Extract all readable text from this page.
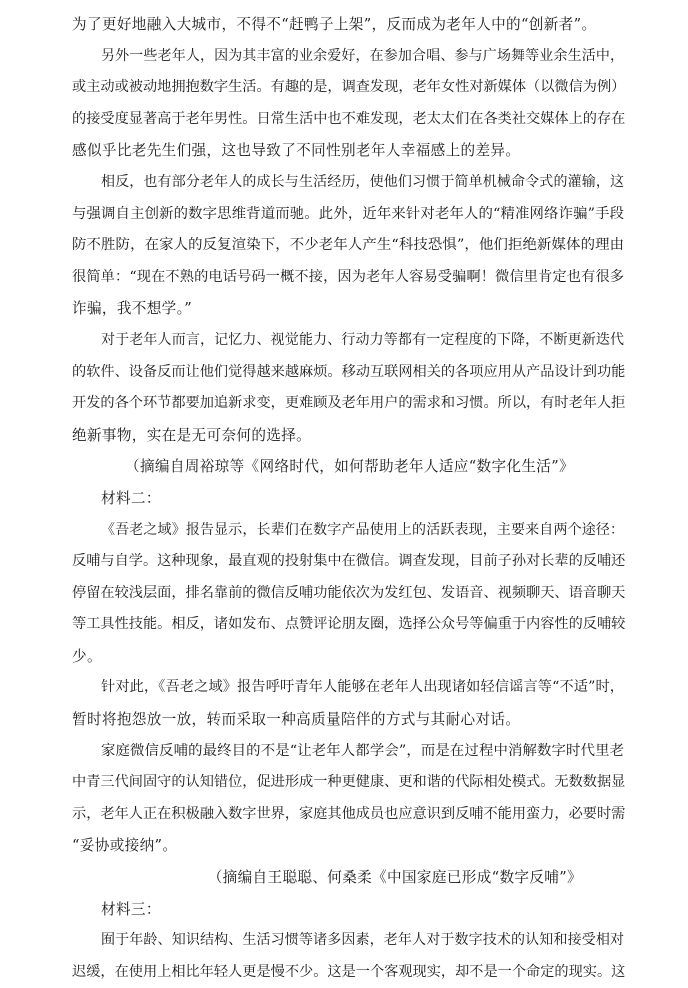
为了更好地融入大城市，不得不“赶鸭子上架”，反而成为老年人中的“创新者”。
另外一些老年人，因为其丰富的业余爱好，在参加合唱、参与广场舞等业余生活中，
或主动或被动地拥抱数字生活。有趣的是，调查发现，老年女性对新媒体（以微信为例）
的接受度显著高于老年男性。日常生活中也不难发现，老太太们在各类社交媒体上的存在
感似乎比老先生们强，这也导致了不同性别老年人幸福感上的差异。
相反，也有部分老年人的成长与生活经历，使他们习惯于简单机械命令式的灌输，这
与强调自主创新的数字思维背道而驰。此外，近年来针对老年人的“精准网络诈骗”手段
防不胜防，在家人的反复渲染下，不少老年人产生“科技恐惧”，他们拒绝新媒体的理由
很简单：“现在不熟的电话号码一概不接，因为老年人容易受骗啊！微信里肯定也有很多
诈骗，我不想学。”
对于老年人而言，记忆力、视觉能力、行动力等都有一定程度的下降，不断更新迭代
的软件、设备反而让他们觉得越来越麻烦。移动互联网相关的各项应用从产品设计到功能
开发的各个环节都要加追新求变，更难顾及老年用户的需求和习惯。所以，有时老年人拒
绝新事物，实在是无可奈何的选择。
（摘编自周裕琼等《网络时代，如何帮助老年人适应“数字化生活”》
材料二：
《吾老之域》报告显示，长辈们在数字产品使用上的活跃表现，主要来自两个途径：
反哺与自学。这种现象，最直观的投射集中在微信。调查发现，目前子孙对长辈的反哺还
停留在较浅层面，排名靠前的微信反哺功能依次为发红包、发语音、视频聊天、语音聊天
等工具性技能。相反，诸如发布、点赞评论朋友圈，选择公众号等偏重于内容性的反哺较
少。
针对此，《吾老之域》报告呼吁青年人能够在老年人出现诸如轻信谣言等“不适”时，
暂时将抱怨放一放，转而采取一种高质量陪伴的方式与其耐心对话。
家庭微信反哺的最终目的不是“让老年人都学会”，而是在过程中消解数字时代里老
中青三代间固守的认知错位，促进形成一种更健康、更和谐的代际相处模式。无数数据显
示，老年人正在积极融入数字世界，家庭其他成员也应意识到反哺不能用蛮力，必要时需
“妥协或接纳”。
（摘编自王聪聪、何桑柔《中国家庭已形成“数字反哺”》
材料三：
囿于年龄、知识结构、生活习惯等诸多因素，老年人对于数字技术的认知和接受相对
迟缓，在使用上相比年轻人更是慢不少。这是一个客观现实，却不是一个命定的现实。这
